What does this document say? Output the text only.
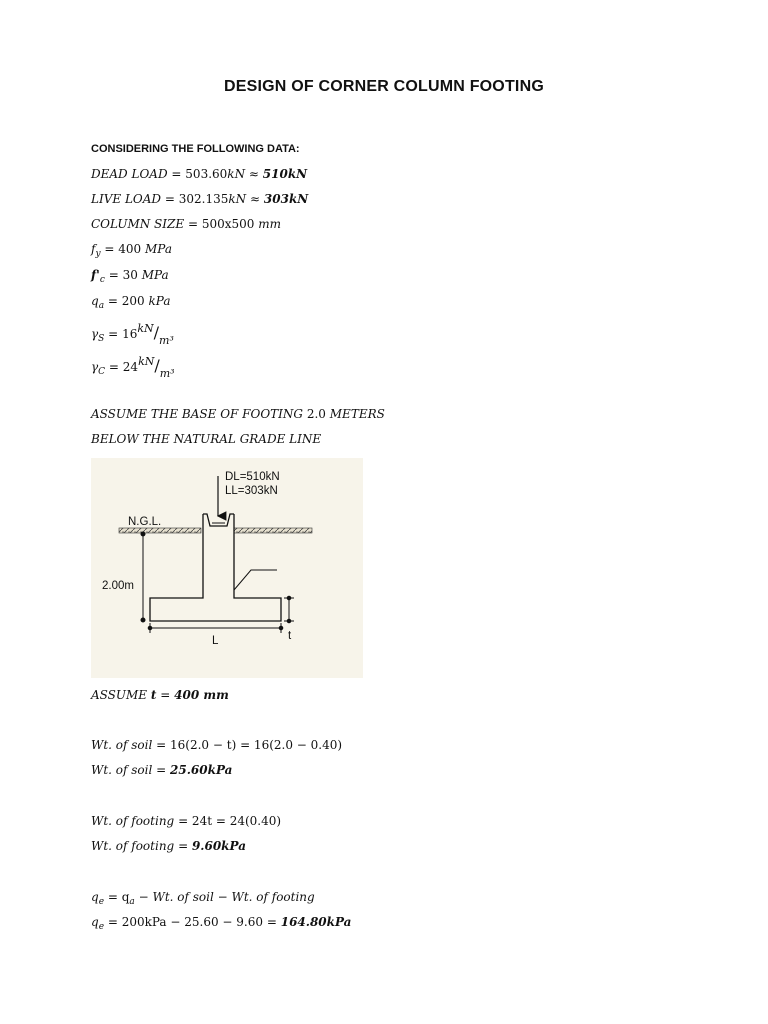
DESIGN OF CORNER COLUMN FOOTING
CONSIDERING THE FOLLOWING DATA:
DEAD LOAD = 503.60kN ≈ 510kN
LIVE LOAD = 302.135kN ≈ 303kN
COLUMN SIZE = 500x500 mm
$f_y = 400$ MPa
$f'_c = 30$ MPa
$q_a = 200$ kPa
$\gamma_S = 16kN/m^3$
$\gamma_C = 24kN/m^3$
ASSUME THE BASE OF FOOTING 2.0 METERS
BELOW THE NATURAL GRADE LINE
DL=510kN
LL=303kN
N.G.L.
2.00m
t
L
ASSUME t = 400 mm
Wt. of soil = 16(2.0 − t) = 16(2.0 − 0.40)
Wt. of soil = 25.60kPa
Wt. of footing = 24t = 24(0.40)
Wt. of footing = 9.60kPa
$q_e = q_a - Wt$. of soil − Wt. of footing
$q_e = 200kPa - 25.60 - 9.60 = 164.80kPa$
